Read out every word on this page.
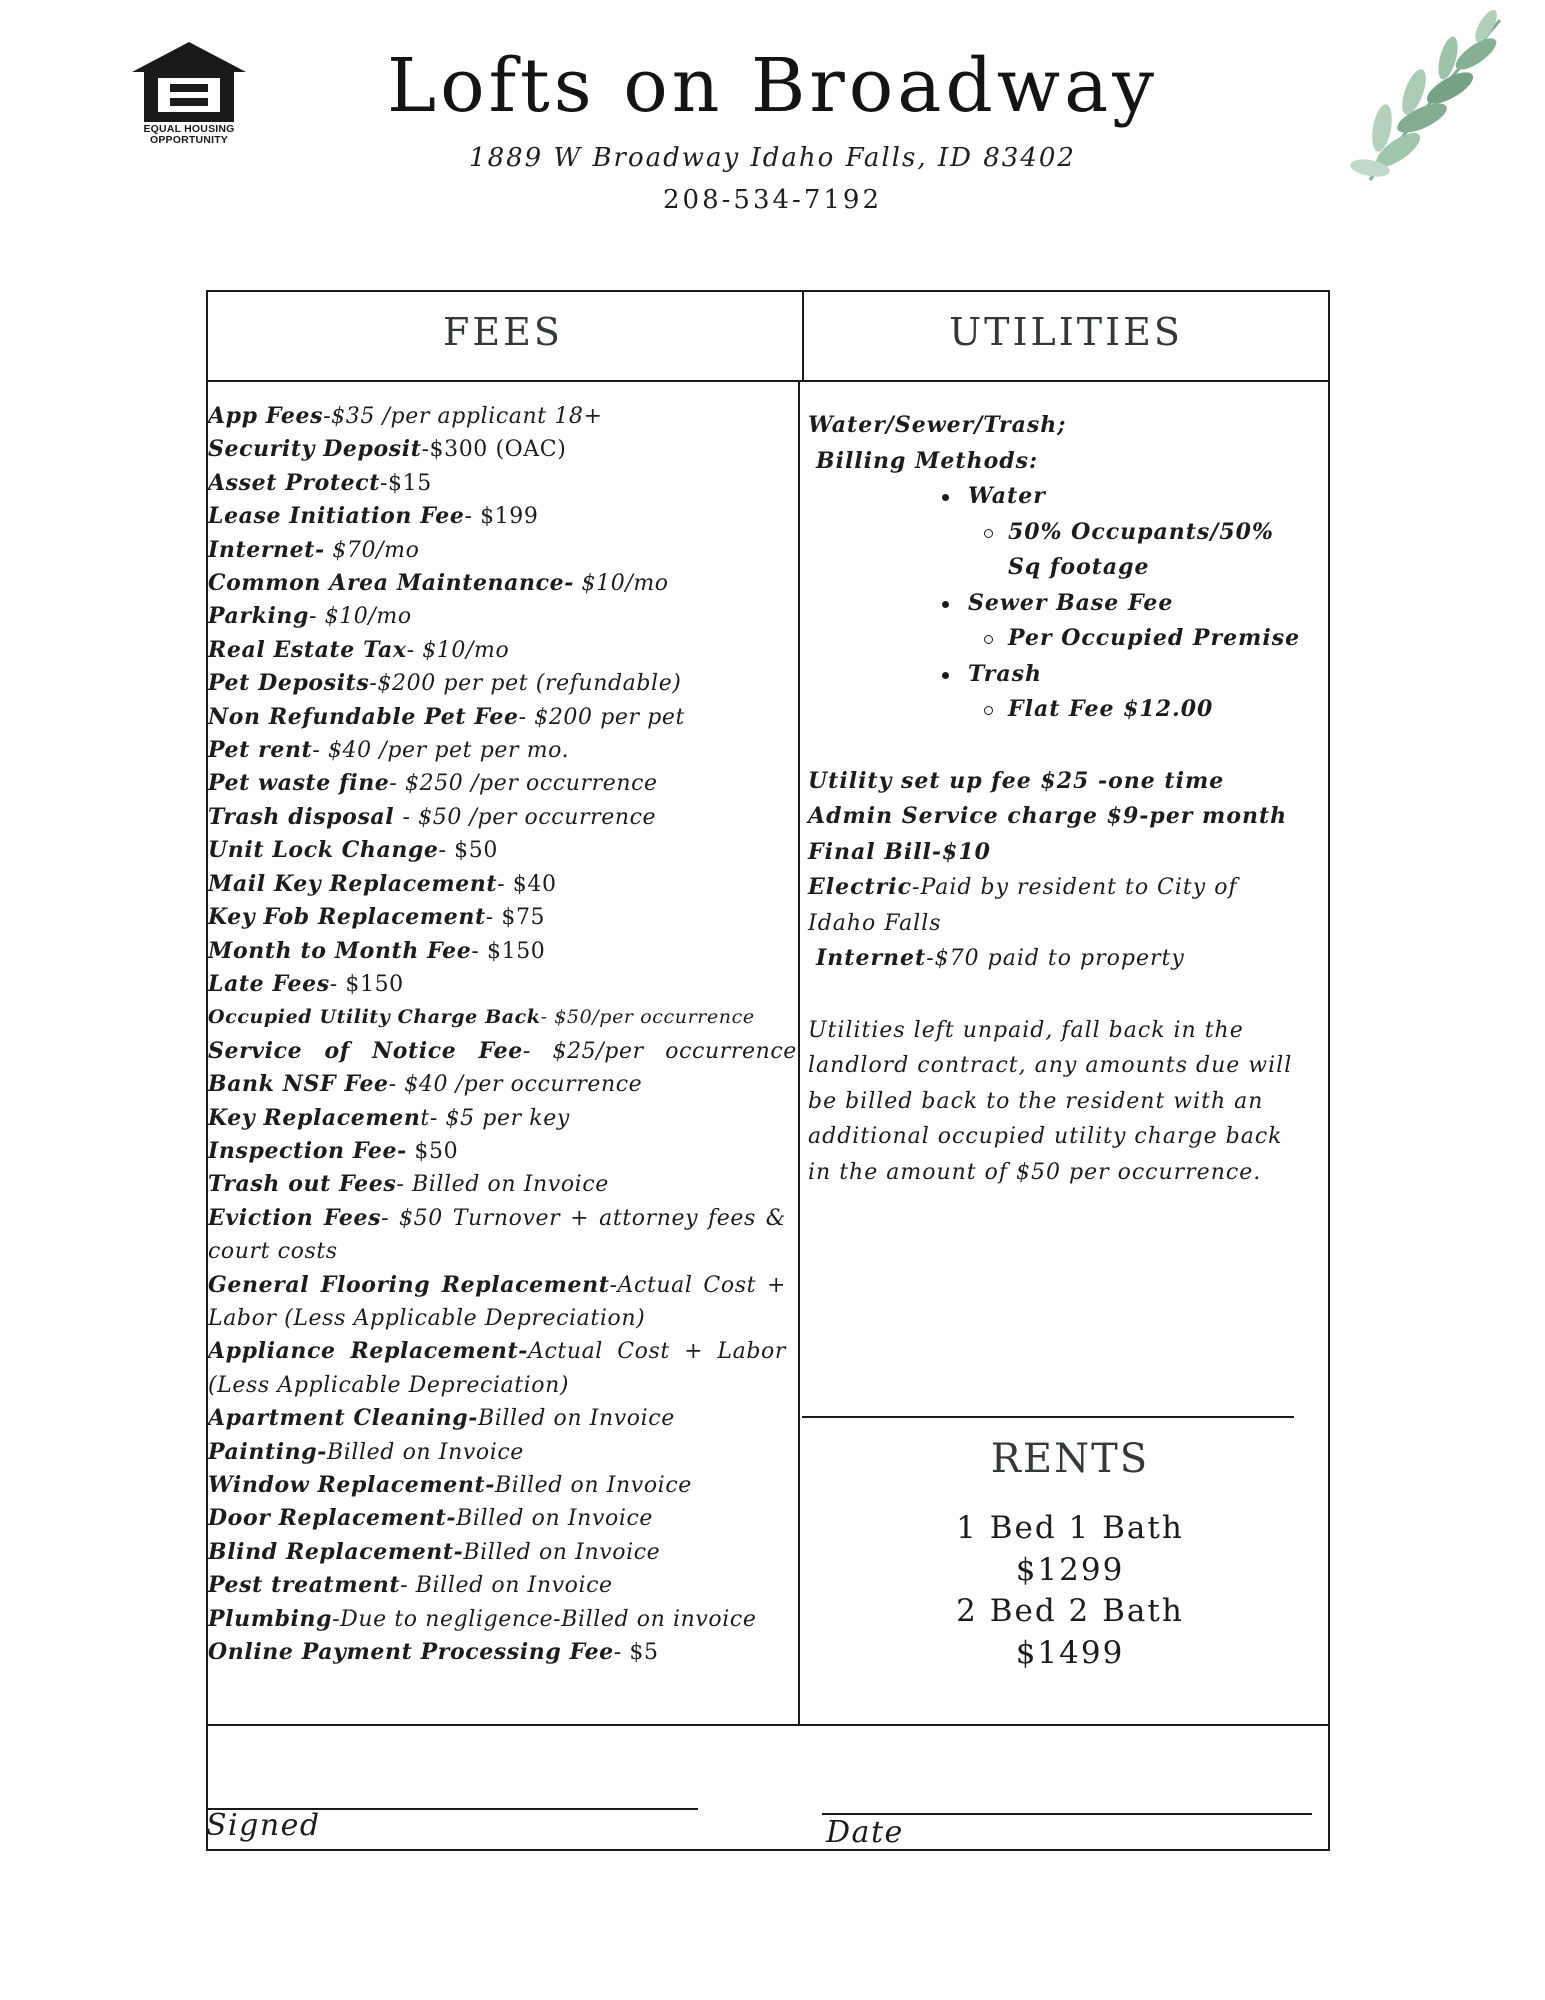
EQUAL HOUSING OPPORTUNITY
Lofts on Broadway
1889 W Broadway Idaho Falls, ID 83402
208-534-7192
FEES	UTILITIES
App Fees-$35 /per applicant 18+
Security Deposit-$300 (OAC)
Asset Protect-$15
Lease Initiation Fee- $199
Internet- $70/mo
Common Area Maintenance- $10/mo
Parking- $10/mo
Real Estate Tax- $10/mo
Pet Deposits-$200 per pet (refundable)
Non Refundable Pet Fee- $200 per pet
Pet rent- $40 /per pet per mo.
Pet waste fine- $250 /per occurrence
Trash disposal - $50 /per occurrence
Unit Lock Change- $50
Mail Key Replacement- $40
Key Fob Replacement- $75
Month to Month Fee- $150
Late Fees- $150
Occupied Utility Charge Back- $50/per occurrence
Service of Notice Fee- $25/per occurrence
Bank NSF Fee- $40 /per occurrence
Key Replacement- $5 per key
Inspection Fee- $50
Trash out Fees- Billed on Invoice
Eviction Fees- $50 Turnover + attorney fees & court costs
General Flooring Replacement-Actual Cost + Labor (Less Applicable Depreciation)
Appliance Replacement-Actual Cost + Labor (Less Applicable Depreciation)
Apartment Cleaning-Billed on Invoice
Painting-Billed on Invoice
Window Replacement-Billed on Invoice
Door Replacement-Billed on Invoice
Blind Replacement-Billed on Invoice
Pest treatment- Billed on Invoice
Plumbing-Due to negligence-Billed on invoice
Online Payment Processing Fee- $5

Water/Sewer/Trash;

Billing Methods:

Water
50% Occupants/50% Sq footage
Sewer Base Fee
Per Occupied Premise
Trash
Flat Fee $12.00

Utility set up fee $25 -one time

Admin Service charge $9-per month

Final Bill-$10

Electric-Paid by resident to City of Idaho Falls

Internet-$70 paid to property

Utilities left unpaid, fall back in the landlord contract, any amounts due will be billed back to the resident with an additional occupied utility charge back in the amount of $50 per occurrence.

RENTS
1 Bed 1 Bath
$1299
2 Bed 2 Bath
$1499
Signed	Date
